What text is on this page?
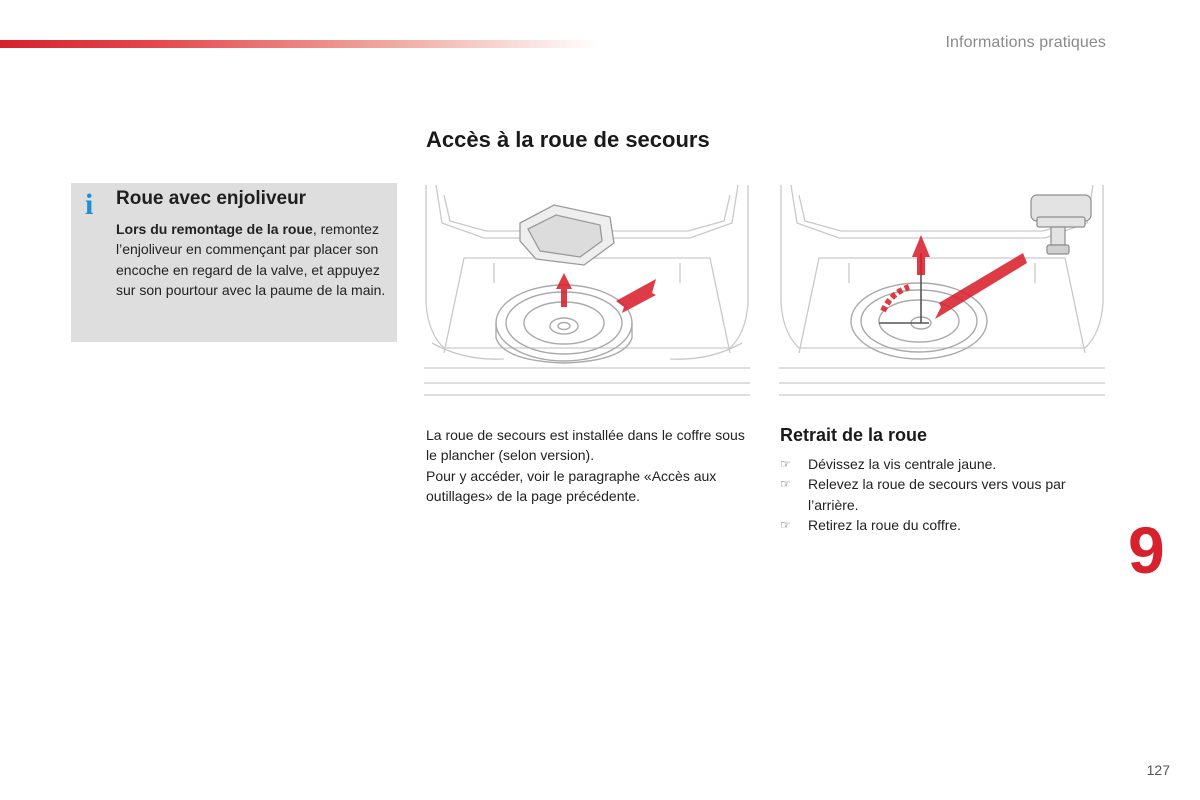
Informations pratiques
Accès à la roue de secours
i Roue avec enjoliveur
Lors du remontage de la roue, remontez l’enjoliveur en commençant par placer son encoche en regard de la valve, et appuyez sur son pourtour avec la paume de la main.

La roue de secours est installée dans le coffre sous le plancher (selon version).

Pour y accéder, voir le paragraphe «Accès aux outillages» de la page précédente.

Retrait de la roue
☞ Dévissez la vis centrale jaune.
☞ Relevez la roue de secours vers vous par l’arrière.
☞ Retirez la roue du coffre.	9
127
